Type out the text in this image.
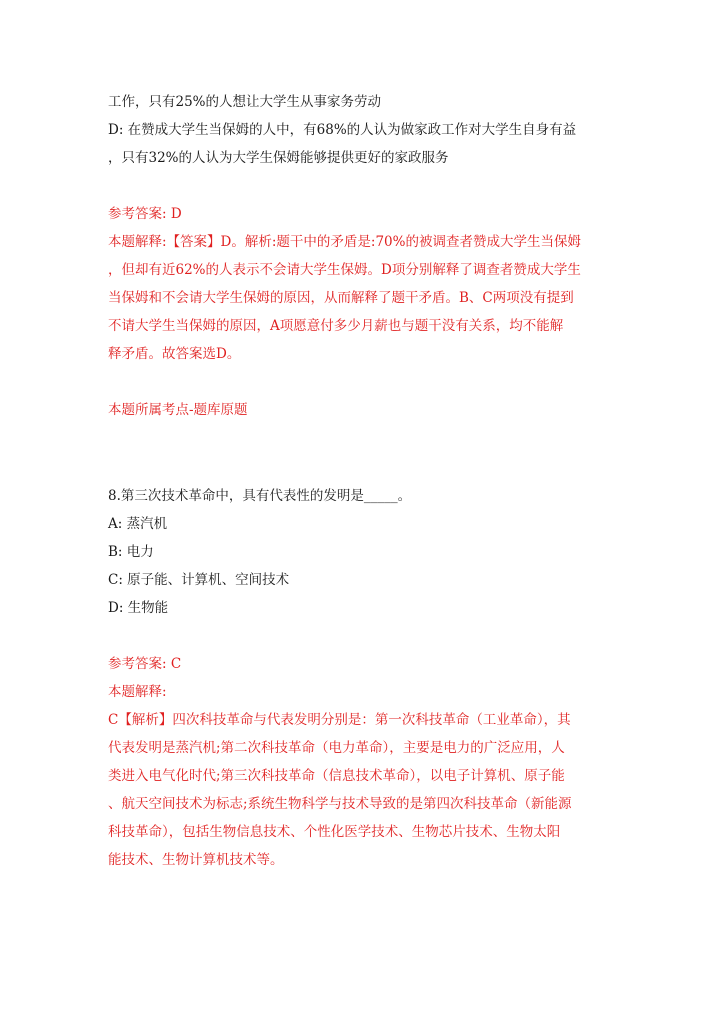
工作，只有25%的人想让大学生从事家务劳动
D: 在赞成大学生当保姆的人中，有68%的人认为做家政工作对大学生自身有益
，只有32%的人认为大学生保姆能够提供更好的家政服务
参考答案: D
本题解释:【答案】D。解析:题干中的矛盾是:70%的被调查者赞成大学生当保姆
，但却有近62%的人表示不会请大学生保姆。D项分别解释了调查者赞成大学生
当保姆和不会请大学生保姆的原因，从而解释了题干矛盾。B、C两项没有提到
不请大学生当保姆的原因，A项愿意付多少月薪也与题干没有关系，均不能解
释矛盾。故答案选D。
本题所属考点-题库原题
8.第三次技术革命中，具有代表性的发明是_____。
A: 蒸汽机
B: 电力
C: 原子能、计算机、空间技术
D: 生物能
参考答案: C
本题解释:
C【解析】四次科技革命与代表发明分别是：第一次科技革命（工业革命），其
代表发明是蒸汽机;第二次科技革命（电力革命），主要是电力的广泛应用，人
类进入电气化时代;第三次科技革命（信息技术革命），以电子计算机、原子能
、航天空间技术为标志;系统生物科学与技术导致的是第四次科技革命（新能源
科技革命），包括生物信息技术、个性化医学技术、生物芯片技术、生物太阳
能技术、生物计算机技术等。
